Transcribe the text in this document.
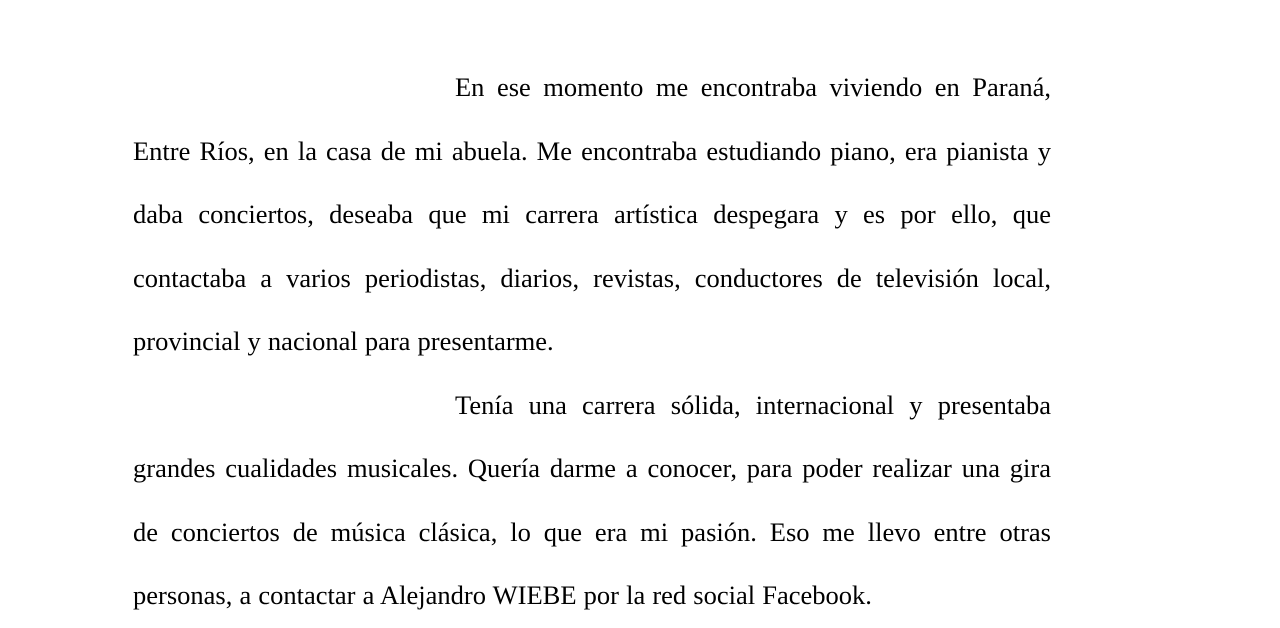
En ese momento me encontraba viviendo en Paraná, Entre Ríos, en la casa de mi abuela. Me encontraba estudiando piano, era pianista y daba conciertos, deseaba que mi carrera artística despegara y es por ello, que contactaba a varios periodistas, diarios, revistas, conductores de televisión local, provincial y nacional para presentarme.

Tenía una carrera sólida, internacional y presentaba grandes cualidades musicales. Quería darme a conocer, para poder realizar una gira de conciertos de música clásica, lo que era mi pasión. Eso me llevo entre otras personas, a contactar a Alejandro WIEBE por la red social Facebook.
